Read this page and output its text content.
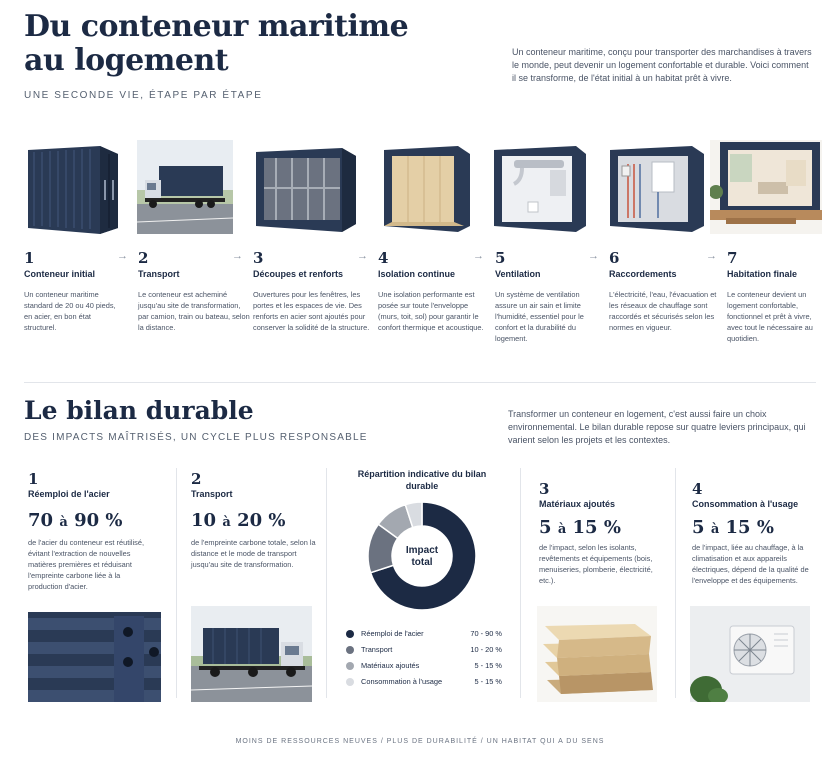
Du conteneur maritime au logement
UNE SECONDE VIE, ÉTAPE PAR ÉTAPE

Un conteneur maritime, conçu pour transporter des marchandises à travers le monde, peut devenir un logement confortable et durable. Voici comment il se transforme, de l'état initial à un habitat prêt à vivre.

1	→ 2	→ 3	→ 4	→ 5	→ 6	→ 7
Conteneur initial	Transport	Découpes et renforts	Isolation continue	Ventilation	Raccordements	Habitation finale

Un conteneur maritime standard de 20 ou 40 pieds, en acier, en bon état structurel.

Le conteneur est acheminé jusqu'au site de transformation, par camion, train ou bateau, selon la distance.

Ouvertures pour les fenêtres, les portes et les espaces de vie. Des renforts en acier sont ajoutés pour conserver la solidité de la structure.

Une isolation performante est posée sur toute l'enveloppe (murs, toit, sol) pour garantir le confort thermique et acoustique.

Un système de ventilation assure un air sain et limite l'humidité, essentiel pour le confort et la durabilité du logement.

L'électricité, l'eau, l'évacuation et les réseaux de chauffage sont raccordés et sécurisés selon les normes en vigueur.

Le conteneur devient un logement confortable, fonctionnel et prêt à vivre, avec tout le nécessaire au quotidien.

Le bilan durable
DES IMPACTS MAÎTRISÉS, UN CYCLE PLUS RESPONSABLE

Transformer un conteneur en logement, c'est aussi faire un choix environnemental. Le bilan durable repose sur quatre leviers principaux, qui varient selon les projets et les contextes.

1
Réemploi de l'acier
70 à 90 %

de l'acier du conteneur est réutilisé, évitant l'extraction de nouvelles matières premières et réduisant l'empreinte carbone liée à la production d'acier.

2
Transport
10 à 20 %

de l'empreinte carbone totale, selon la distance et le mode de transport jusqu'au site de transformation.

3
Matériaux ajoutés
5 à 15 %

de l'impact, selon les isolants, revêtements et équipements (bois, menuiseries, plomberie, électricité, etc.).

4
Consommation à l'usage
5 à 15 %

de l'impact, liée au chauffage, à la climatisation et aux appareils électriques, dépend de la qualité de l'enveloppe et des équipements.

Répartition indicative du bilan durable
Impact total
Réemploi de l'acier	70 - 90 %
Transport	10 - 20 %
Matériaux ajoutés	5 - 15 %
Consommation à l'usage	5 - 15 %
MOINS DE RESSOURCES NEUVES / PLUS DE DURABILITÉ / UN HABITAT QUI A DU SENS
